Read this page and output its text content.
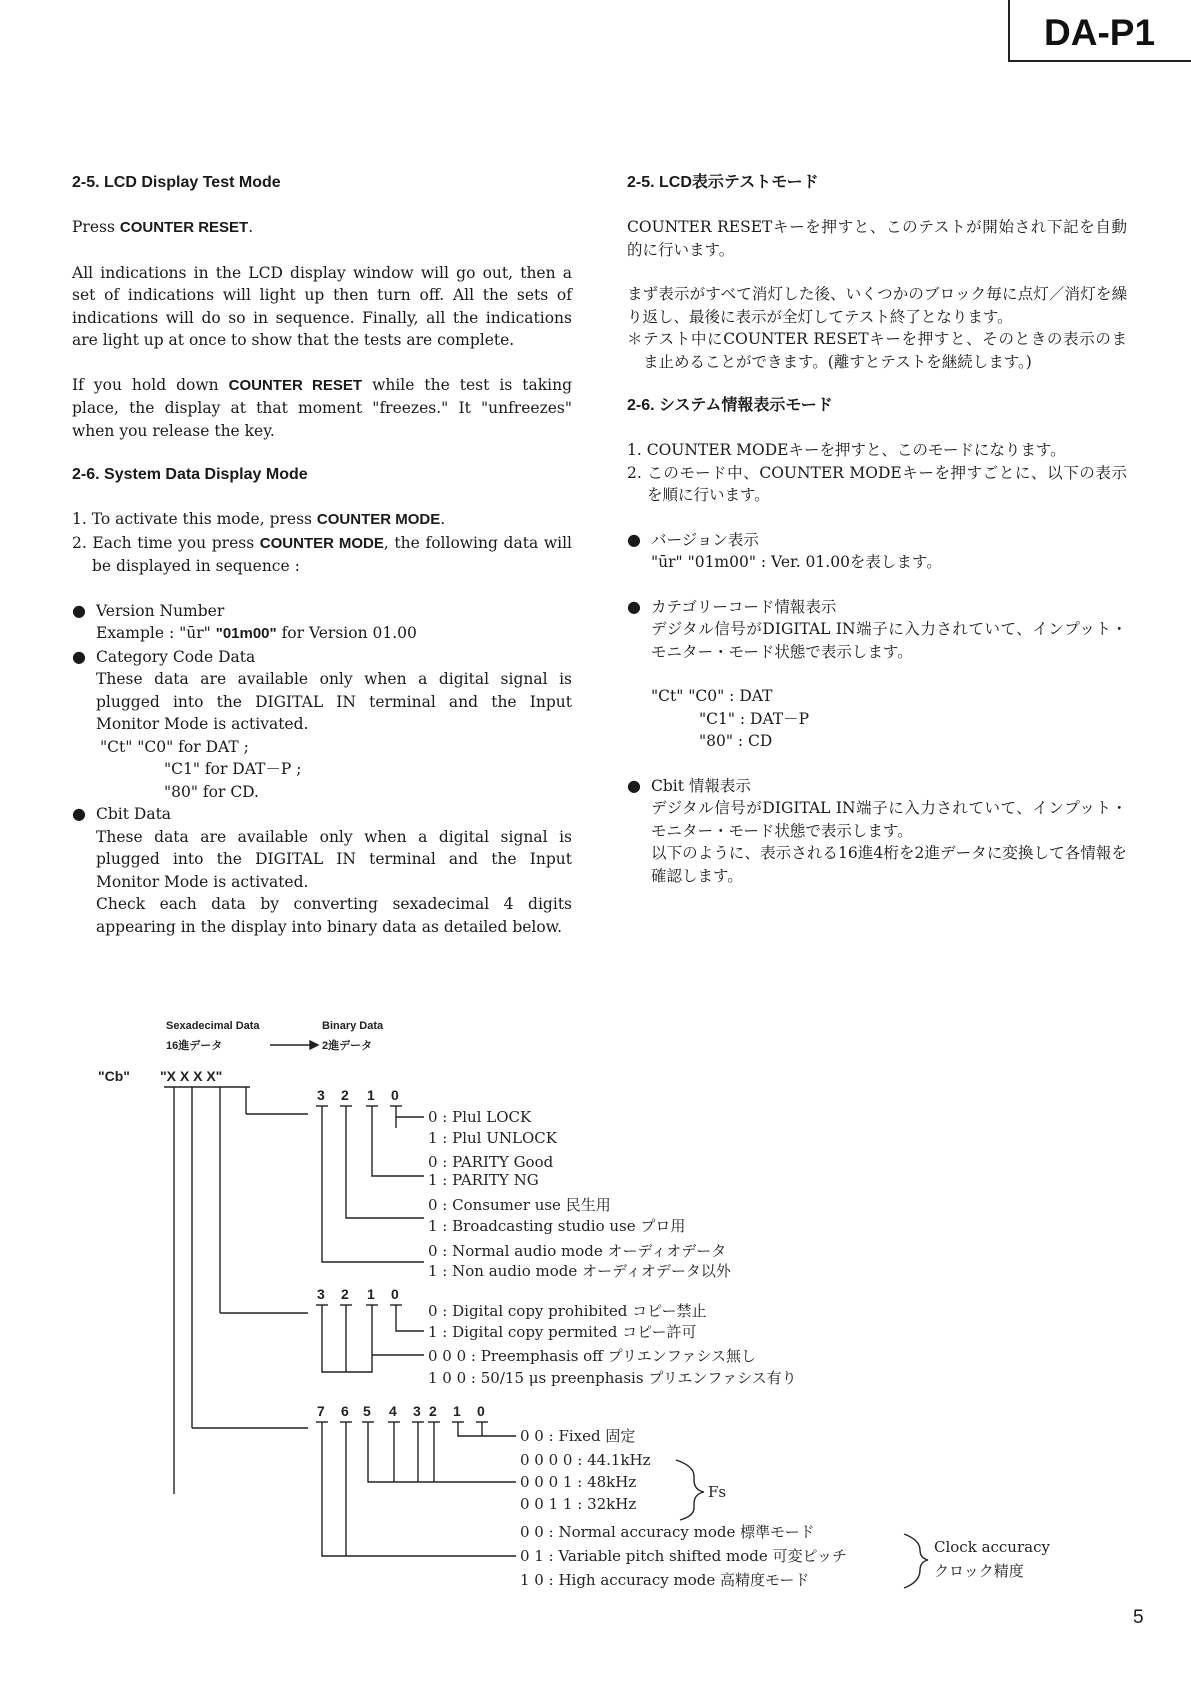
DA-P1
2-5. LCD Display Test Mode
Press COUNTER RESET.
All indications in the LCD display window will go out, then a set of indications will light up then turn off. All the sets of indications will do so in sequence. Finally, all the indications are light up at once to show that the tests are complete.
If you hold down COUNTER RESET while the test is taking place, the display at that moment "freezes." It "unfreezes" when you release the key.
2-6. System Data Display Mode
1. To activate this mode, press COUNTER MODE.
2. Each time you press COUNTER MODE, the following data will be displayed in sequence :
● Version Number
Example : "ūr" "01m00" for Version 01.00
● Category Code Data
These data are available only when a digital signal is plugged into the DIGITAL IN terminal and the Input Monitor Mode is activated.
"Ct" "C0" for DAT ;
"C1" for DAT－P ;
"80" for CD.
● Cbit Data
These data are available only when a digital signal is plugged into the DIGITAL IN terminal and the Input Monitor Mode is activated.
Check each data by converting sexadecimal 4 digits appearing in the display into binary data as detailed below.
2-5. LCD表示テストモード
COUNTER RESETキーを押すと、このテストが開始され下記を自動的に行います。
まず表示がすべて消灯した後、いくつかのブロック毎に点灯／消灯を繰り返し、最後に表示が全灯してテスト終了となります。
＊テスト中にCOUNTER RESETキーを押すと、そのときの表示のまま止めることができます。(離すとテストを継続します。)
2-6. システム情報表示モード
1. COUNTER MODEキーを押すと、このモードになります。
2. このモード中、COUNTER MODEキーを押すごとに、以下の表示を順に行います。
● バージョン表示
"ūr" "01m00" : Ver. 01.00を表します。
● カテゴリーコード情報表示
デジタル信号がDIGITAL IN端子に入力されていて、インプット・モニター・モード状態で表示します。
"Ct" "C0" : DAT
"C1" : DAT－P
"80" : CD
● Cbit 情報表示
デジタル信号がDIGITAL IN端子に入力されていて、インプット・モニター・モード状態で表示します。
以下のように、表示される16進4桁を2進データに変換して各情報を確認します。
Sexadecimal Data
16進データ
Binary Data
2進データ
"Cb" "X X X X"
3 2 1 0
0 : Plul LOCK
1 : Plul UNLOCK
0 : PARITY Good
1 : PARITY NG
0 : Consumer use 民生用
1 : Broadcasting studio use プロ用
0 : Normal audio mode オーディオデータ
1 : Non audio mode オーディオデータ以外
3 2 1 0
0 : Digital copy prohibited コピー禁止
1 : Digital copy permited コピー許可
0 0 0 : Preemphasis off プリエンファシス無し
1 0 0 : 50/15 μs preenphasis プリエンファシス有り
7 6 5 4 3 2 1 0
0 0 : Fixed 固定
0 0 0 0 : 44.1kHz
0 0 0 1 : 48kHz
0 0 1 1 : 32kHz
0 0 : Normal accuracy mode 標準モード
0 1 : Variable pitch shifted mode 可変ピッチ
1 0 : High accuracy mode 高精度モード
Fs
Clock accuracy
クロック精度
5
